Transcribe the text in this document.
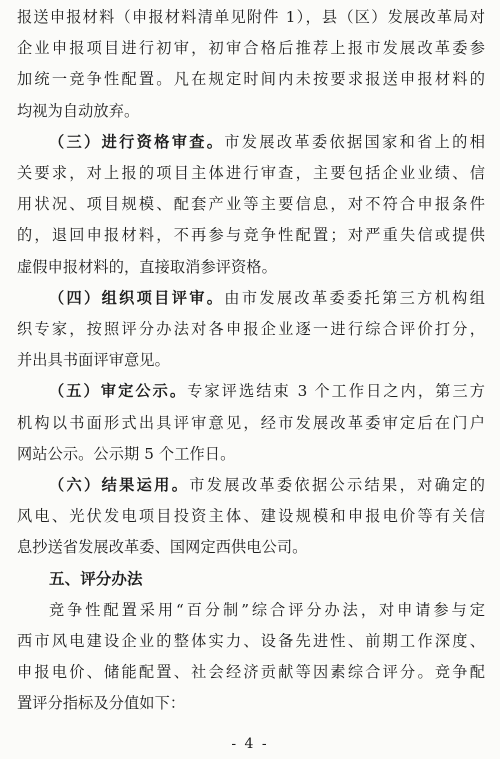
报送申报材料（申报材料清单见附件 1），县（区）发展改革局对
企业申报项目进行初审，初审合格后推荐上报市发展改革委参
加统一竞争性配置。凡在规定时间内未按要求报送申报材料的
均视为自动放弃。
（三）进行资格审查。市发展改革委依据国家和省上的相
关要求，对上报的项目主体进行审查，主要包括企业业绩、信
用状况、项目规模、配套产业等主要信息，对不符合申报条件
的，退回申报材料，不再参与竞争性配置；对严重失信或提供
虚假申报材料的，直接取消参评资格。
（四）组织项目评审。由市发展改革委委托第三方机构组
织专家，按照评分办法对各申报企业逐一进行综合评价打分，
并出具书面评审意见。
（五）审定公示。专家评选结束 3 个工作日之内，第三方
机构以书面形式出具评审意见，经市发展改革委审定后在门户
网站公示。公示期 5 个工作日。
（六）结果运用。市发展改革委依据公示结果，对确定的
风电、光伏发电项目投资主体、建设规模和申报电价等有关信
息抄送省发展改革委、国网定西供电公司。
五、评分办法
竞争性配置采用“百分制”综合评分办法，对申请参与定
西市风电建设企业的整体实力、设备先进性、前期工作深度、
申报电价、储能配置、社会经济贡献等因素综合评分。竞争配
置评分指标及分值如下：
- 4 -
